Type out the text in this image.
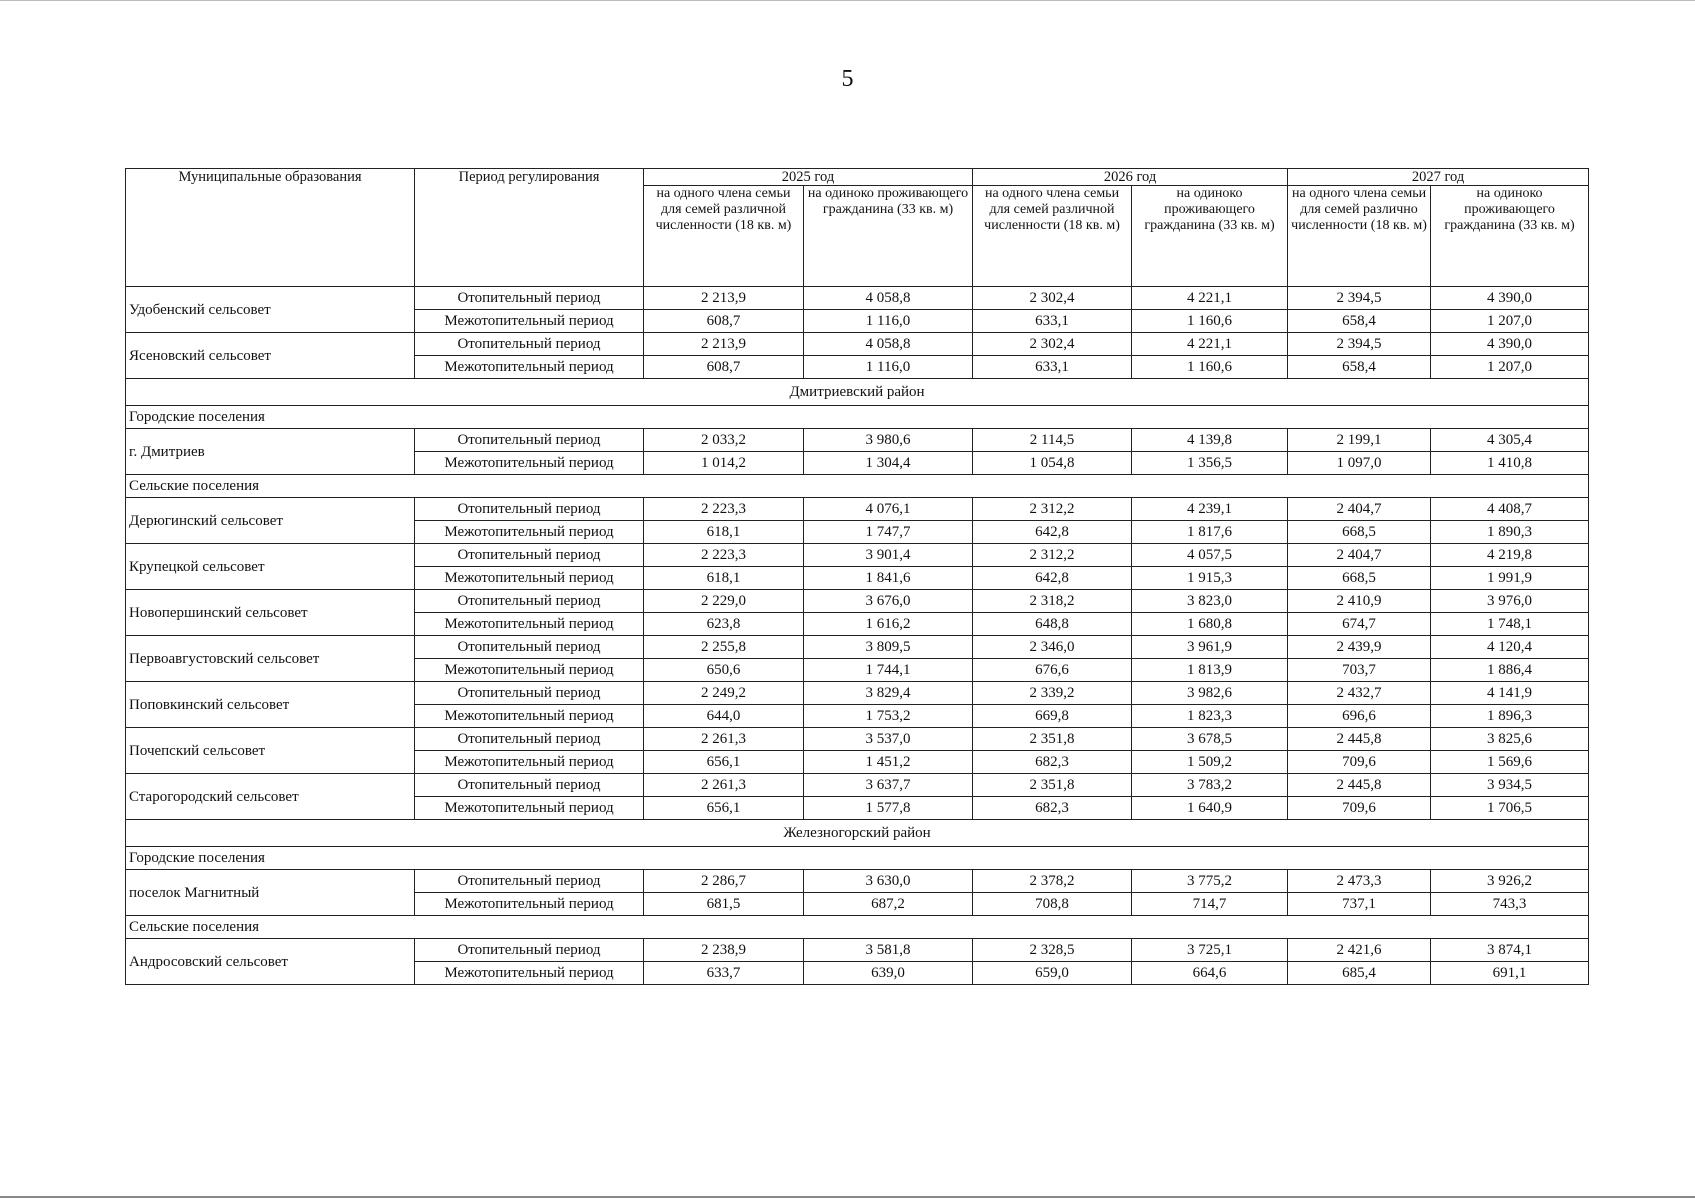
5
Муниципальные образования	Период регулирования	2025 год		2026 год		2027 год	
		на одного члена семьи для семей различной численности (18 кв. м)	на одиноко проживающего гражданина (33 кв. м)	на одного члена семьи для семей различной численности (18 кв. м)	на одиноко проживающего гражданина (33 кв. м)	на одного члена семьи для семей различно численности (18 кв. м)	на одиноко проживающего гражданина (33 кв. м)
Удобенский сельсовет	Отопительный период	2 213,9	4 058,8	2 302,4	4 221,1	2 394,5	4 390,0
	Межотопительный период	608,7	1 116,0	633,1	1 160,6	658,4	1 207,0
Ясеновский сельсовет	Отопительный период	2 213,9	4 058,8	2 302,4	4 221,1	2 394,5	4 390,0
	Межотопительный период	608,7	1 116,0	633,1	1 160,6	658,4	1 207,0
Дмитриевский район							
Городские поселения							
г. Дмитриев	Отопительный период	2 033,2	3 980,6	2 114,5	4 139,8	2 199,1	4 305,4
	Межотопительный период	1 014,2	1 304,4	1 054,8	1 356,5	1 097,0	1 410,8
Сельские поселения							
Дерюгинский сельсовет	Отопительный период	2 223,3	4 076,1	2 312,2	4 239,1	2 404,7	4 408,7
	Межотопительный период	618,1	1 747,7	642,8	1 817,6	668,5	1 890,3
Крупецкой сельсовет	Отопительный период	2 223,3	3 901,4	2 312,2	4 057,5	2 404,7	4 219,8
	Межотопительный период	618,1	1 841,6	642,8	1 915,3	668,5	1 991,9
Новопершинский сельсовет	Отопительный период	2 229,0	3 676,0	2 318,2	3 823,0	2 410,9	3 976,0
	Межотопительный период	623,8	1 616,2	648,8	1 680,8	674,7	1 748,1
Первоавгустовский сельсовет	Отопительный период	2 255,8	3 809,5	2 346,0	3 961,9	2 439,9	4 120,4
	Межотопительный период	650,6	1 744,1	676,6	1 813,9	703,7	1 886,4
Поповкинский сельсовет	Отопительный период	2 249,2	3 829,4	2 339,2	3 982,6	2 432,7	4 141,9
	Межотопительный период	644,0	1 753,2	669,8	1 823,3	696,6	1 896,3
Почепский сельсовет	Отопительный период	2 261,3	3 537,0	2 351,8	3 678,5	2 445,8	3 825,6
	Межотопительный период	656,1	1 451,2	682,3	1 509,2	709,6	1 569,6
Старогородский сельсовет	Отопительный период	2 261,3	3 637,7	2 351,8	3 783,2	2 445,8	3 934,5
	Межотопительный период	656,1	1 577,8	682,3	1 640,9	709,6	1 706,5
Железногорский район							
Городские поселения							
поселок Магнитный	Отопительный период	2 286,7	3 630,0	2 378,2	3 775,2	2 473,3	3 926,2
	Межотопительный период	681,5	687,2	708,8	714,7	737,1	743,3
Сельские поселения							
Андросовский сельсовет	Отопительный период	2 238,9	3 581,8	2 328,5	3 725,1	2 421,6	3 874,1
	Межотопительный период	633,7	639,0	659,0	664,6	685,4	691,1
